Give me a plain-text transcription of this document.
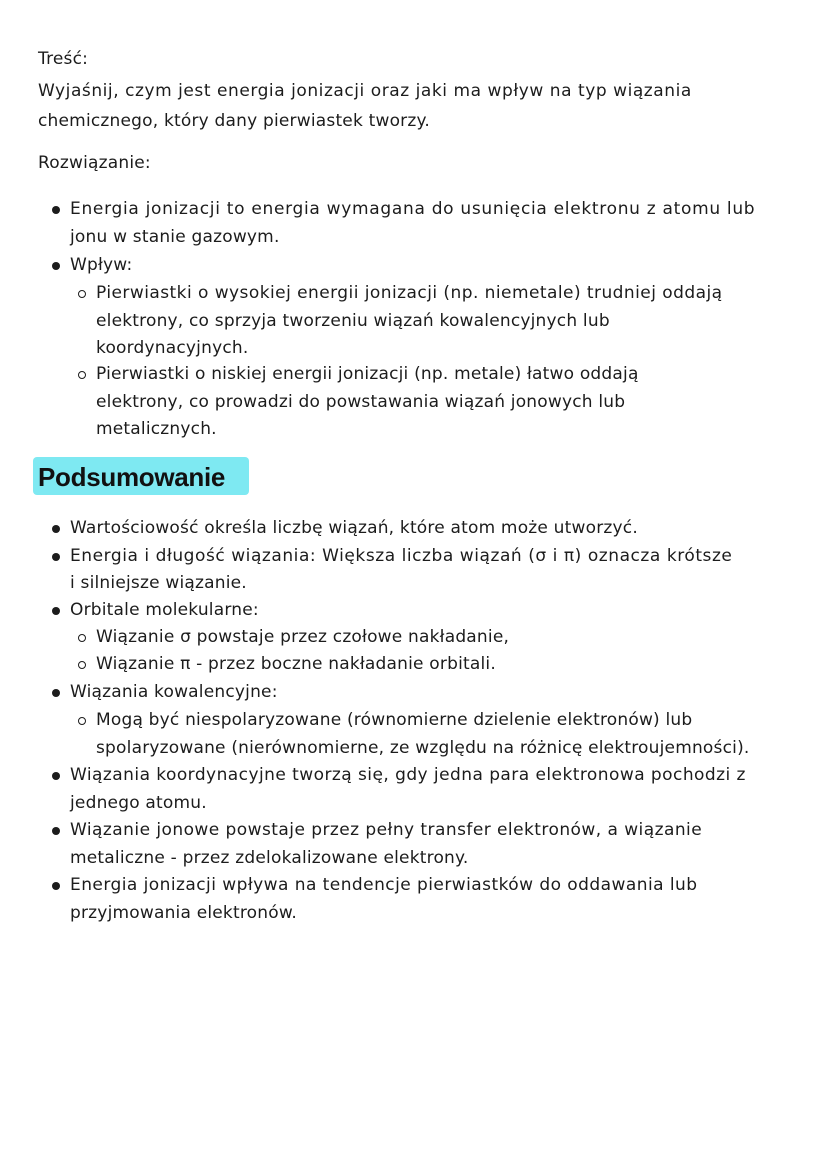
Treść:
Wyjaśnij, czym jest energia jonizacji oraz jaki ma wpływ na typ wiązania
chemicznego, który dany pierwiastek tworzy.
Rozwiązanie:
Energia jonizacji to energia wymagana do usunięcia elektronu z atomu lub
jonu w stanie gazowym.
Wpływ:
Pierwiastki o wysokiej energii jonizacji (np. niemetale) trudniej oddają
elektrony, co sprzyja tworzeniu wiązań kowalencyjnych lub
koordynacyjnych.
Pierwiastki o niskiej energii jonizacji (np. metale) łatwo oddają
elektrony, co prowadzi do powstawania wiązań jonowych lub
metalicznych.
Podsumowanie
Wartościowość określa liczbę wiązań, które atom może utworzyć.
Energia i długość wiązania: Większa liczba wiązań (σ i π) oznacza krótsze
i silniejsze wiązanie.
Orbitale molekularne:
Wiązanie σ powstaje przez czołowe nakładanie,
Wiązanie π - przez boczne nakładanie orbitali.
Wiązania kowalencyjne:
Mogą być niespolaryzowane (równomierne dzielenie elektronów) lub
spolaryzowane (nierównomierne, ze względu na różnicę elektroujemności).
Wiązania koordynacyjne tworzą się, gdy jedna para elektronowa pochodzi z
jednego atomu.
Wiązanie jonowe powstaje przez pełny transfer elektronów, a wiązanie
metaliczne - przez zdelokalizowane elektrony.
Energia jonizacji wpływa na tendencje pierwiastków do oddawania lub
przyjmowania elektronów.
